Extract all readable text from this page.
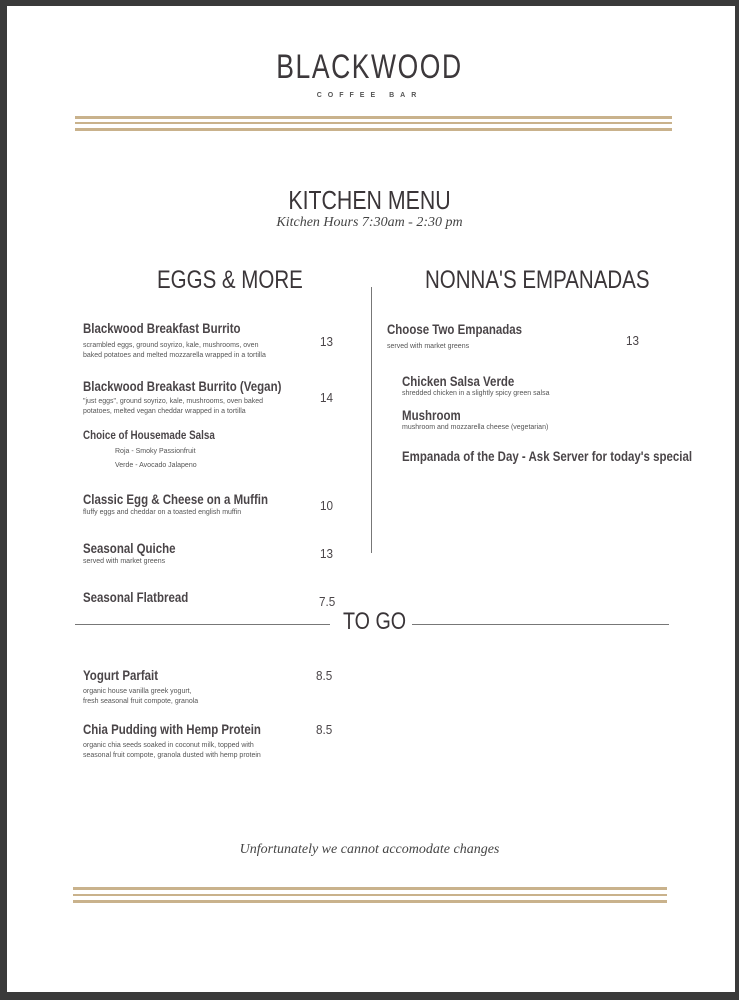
BLACKWOOD
COFFEE BAR
KITCHEN MENU
Kitchen Hours 7:30am - 2:30 pm
EGGS & MORE
Blackwood Breakfast Burrito
scrambled eggs, ground soyrizo, kale, mushrooms, oven
baked potatoes and melted mozzarella wrapped in a tortilla
13
Blackwood Breakast Burrito (Vegan)
"just eggs", ground soyrizo, kale, mushrooms, oven baked
potatoes, melted vegan cheddar wrapped in a tortilla
14
Choice of Housemade Salsa
Roja - Smoky Passionfruit
Verde - Avocado Jalapeno
Classic Egg & Cheese on a Muffin
fluffy eggs and cheddar on a toasted english muffin	10
Seasonal Quiche
served with market greens
13
Seasonal Flatbread	7.5
NONNA'S EMPANADAS
Choose Two Empanadas
served with market greens	13
Chicken Salsa Verde
shredded chicken in a slightly spicy green salsa
Mushroom
mushroom and mozzarella cheese (vegetarian)
Empanada of the Day - Ask Server for today's special
TO GO
Yogurt Parfait
organic house vanilla greek yogurt,
fresh seasonal fruit compote, granola
8.5
Chia Pudding with Hemp Protein
organic chia seeds soaked in coconut milk, topped with
seasonal fruit compote, granola dusted with hemp protein
8.5
Unfortunately we cannot accomodate changes
